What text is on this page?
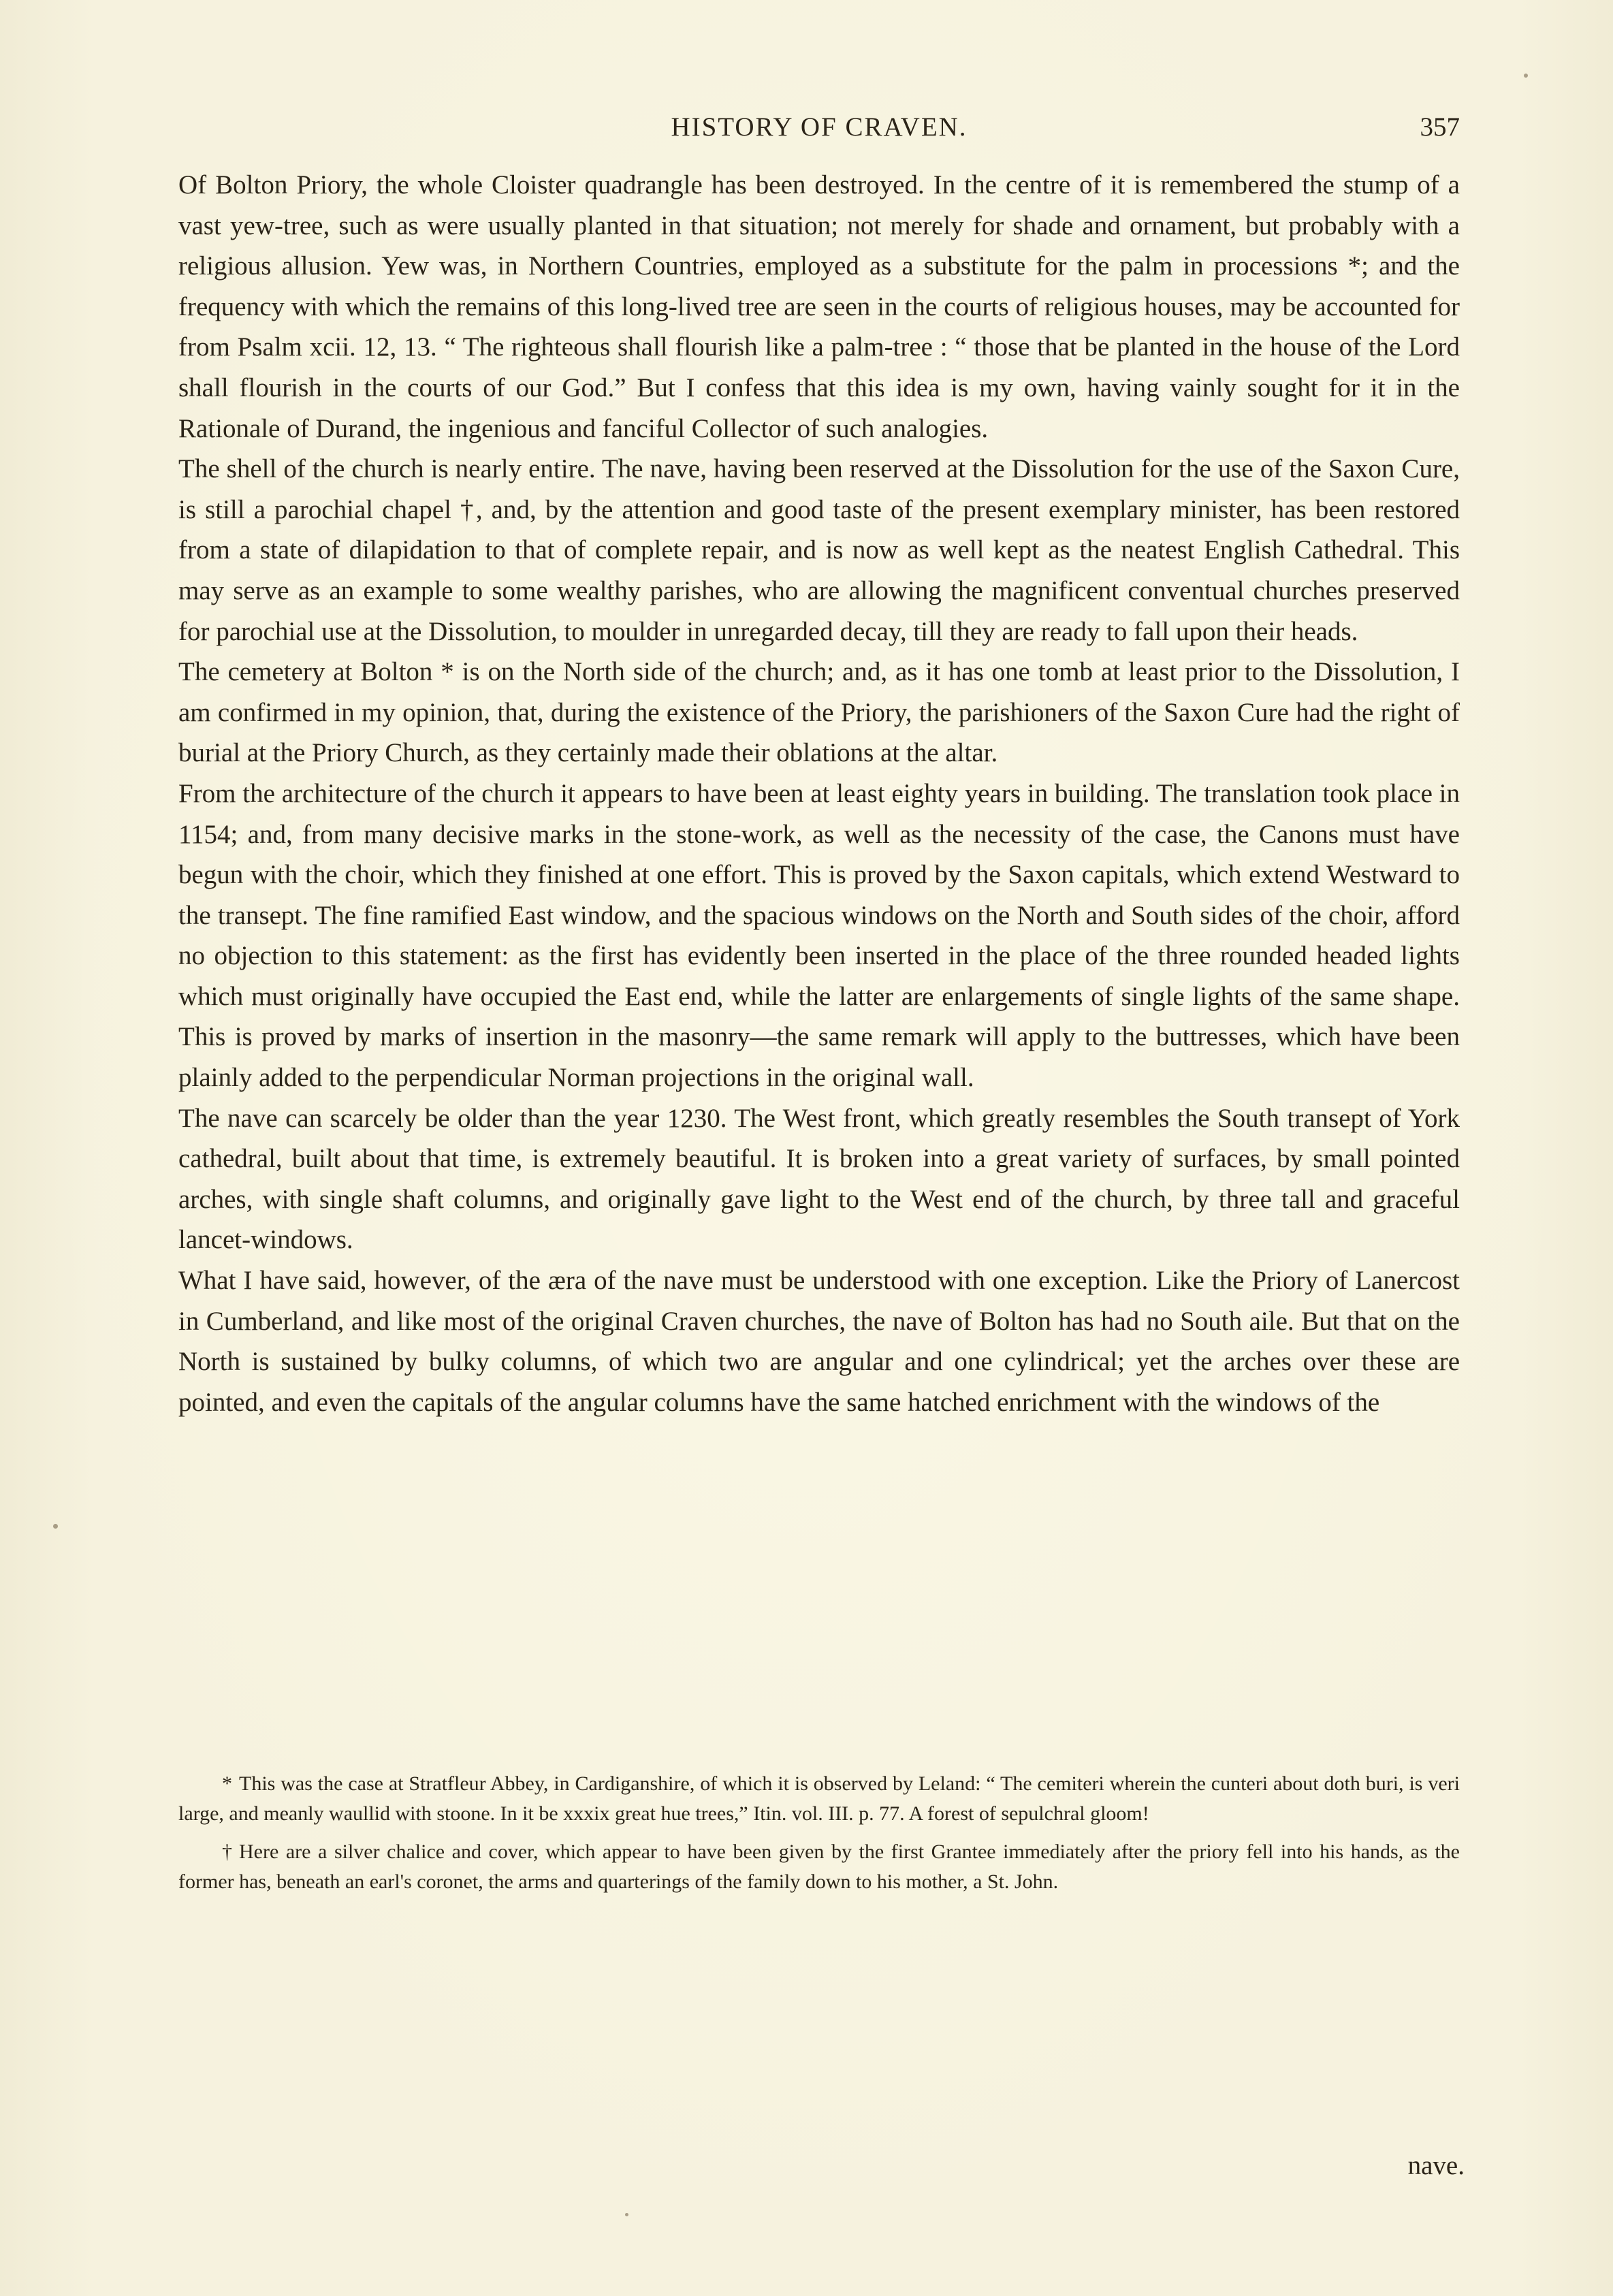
HISTORY OF CRAVEN.	357

Of Bolton Priory, the whole Cloister quadrangle has been destroyed. In the centre of it is remembered the stump of a vast yew-tree, such as were usually planted in that situation; not merely for shade and ornament, but probably with a religious allusion. Yew was, in Northern Countries, employed as a substitute for the palm in processions *; and the frequency with which the remains of this long-lived tree are seen in the courts of religious houses, may be accounted for from Psalm xcii. 12, 13. “ The righteous shall flourish like a palm-tree : “ those that be planted in the house of the Lord shall flourish in the courts of our God.” But I confess that this idea is my own, having vainly sought for it in the Rationale of Durand, the ingenious and fanciful Collector of such analogies.

The shell of the church is nearly entire. The nave, having been reserved at the Dissolution for the use of the Saxon Cure, is still a parochial chapel †, and, by the attention and good taste of the present exemplary minister, has been restored from a state of dilapidation to that of complete repair, and is now as well kept as the neatest English Cathedral. This may serve as an example to some wealthy parishes, who are allowing the magnificent conventual churches preserved for parochial use at the Dissolution, to moulder in unregarded decay, till they are ready to fall upon their heads.

The cemetery at Bolton * is on the North side of the church; and, as it has one tomb at least prior to the Dissolution, I am confirmed in my opinion, that, during the existence of the Priory, the parishioners of the Saxon Cure had the right of burial at the Priory Church, as they certainly made their oblations at the altar.

From the architecture of the church it appears to have been at least eighty years in building. The translation took place in 1154; and, from many decisive marks in the stone-work, as well as the necessity of the case, the Canons must have begun with the choir, which they finished at one effort. This is proved by the Saxon capitals, which extend Westward to the transept. The fine ramified East window, and the spacious windows on the North and South sides of the choir, afford no objection to this statement: as the first has evidently been inserted in the place of the three rounded headed lights which must originally have occupied the East end, while the latter are enlargements of single lights of the same shape. This is proved by marks of insertion in the masonry—the same remark will apply to the buttresses, which have been plainly added to the perpendicular Norman projections in the original wall.

The nave can scarcely be older than the year 1230. The West front, which greatly resembles the South transept of York cathedral, built about that time, is extremely beautiful. It is broken into a great variety of surfaces, by small pointed arches, with single shaft columns, and originally gave light to the West end of the church, by three tall and graceful lancet-windows.

What I have said, however, of the æra of the nave must be understood with one exception. Like the Priory of Lanercost in Cumberland, and like most of the original Craven churches, the nave of Bolton has had no South aile. But that on the North is sustained by bulky columns, of which two are angular and one cylindrical; yet the arches over these are pointed, and even the capitals of the angular columns have the same hatched enrichment with the windows of the

* This was the case at Stratfleur Abbey, in Cardiganshire, of which it is observed by Leland: “ The cemiteri wherein the cunteri about doth buri, is veri large, and meanly waullid with stoone. In it be xxxix great hue trees,” Itin. vol. III. p. 77. A forest of sepulchral gloom!

† Here are a silver chalice and cover, which appear to have been given by the first Grantee immediately after the priory fell into his hands, as the former has, beneath an earl's coronet, the arms and quarterings of the family down to his mother, a St. John.

nave.
